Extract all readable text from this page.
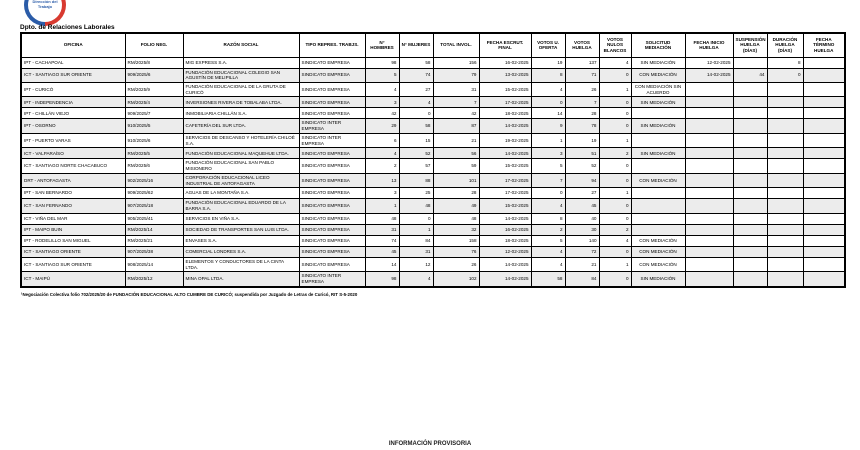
Dirección del Trabajo
Dpto. de Relaciones Laborales
OFICINA	FOLIO NEG.	RAZÓN SOCIAL	TIPO REPRES. TRABJS.	N° HOMBRES	N° MUJERES	TOTAL INVOL.	FECHA ESCRUT. FINAL	VOTOS U. OFERTA	VOTOS HUELGA	VOTOS NULOS BLANCOS	SOLICITUD MEDIACIÓN	FECHA INICIO HUELGA	SUSPENSIÓN HUELGA (DÍAS)	DURACIÓN HUELGA (DÍAS)	FECHA TÉRMINO HUELGA
IPT - CACHAPOAL	RM/2025/8	MIG EXPRESS S.A.	SINDICATO EMPRESA	98	58	156	16-02-2025	19	137	4	SIN MEDIACIÓN	12-02-2025		8	
ICT - SANTIAGO SUR ORIENTE	909/2025/6	FUNDACIÓN EDUCACIONAL COLEGIO SAN AGUSTÍN DE MELIPILLA	SINDICATO EMPRESA	5	74	79	13-02-2025	8	71	0	CON MEDIACIÓN	14-02-2025	44	0	
IPT - CURICÓ	RM/2025/9	FUNDACIÓN EDUCACIONAL DE LA GRUTA DE CURICÓ	SINDICATO EMPRESA	4	27	31	15-02-2025	4	26	1	CON MEDIACIÓN SIN ACUERDO				
IPT - INDEPENDENCIA	RM/2025/4	INVERSIONES RIVERA DE TOBALABA LTDA.	SINDICATO EMPRESA	3	4	7	17-02-2025	0	7	0	SIN MEDIACIÓN				
IPT - CHILLÁN VIEJO	909/2025/7	INMOBILIARIA CHILLÁN S.A.	SINDICATO EMPRESA	42	0	42	18-02-2025	14	28	0					
IPT - OSORNO	910/2025/5	CAFETERÍA DEL SUR LTDA.	SINDICATO INTER EMPRESA	29	58	87	14-02-2025	9	78	0	SIN MEDIACIÓN				
IPT - PUERTO VARAS	910/2025/6	SERVICIOS DE DESCANSO Y HOTELERÍA CHILOÉ S.A.	SINDICATO INTER EMPRESA	6	15	21	19-02-2025	1	19	1					
ICT - VALPARAÍSO	RM/2025/5	FUNDACIÓN EDUCACIONAL MAQUEHUE LTDA.	SINDICATO EMPRESA	4	52	56	14-02-2025	3	51	2	SIN MEDIACIÓN				
ICT - SANTIAGO NORTE CHACABUCO	RM/2025/6	FUNDACIÓN EDUCACIONAL SAN PABLO MISIONERO	SINDICATO EMPRESA	2	57	59	15-02-2025	5	52	0					
DRT - ANTOFAGASTA	902/2025/16	CORPORACIÓN EDUCACIONAL LICEO INDUSTRIAL DE ANTOFAGASTA	SINDICATO EMPRESA	13	88	101	17-02-2025	7	94	0	CON MEDIACIÓN				
IPT - SAN BERNARDO	909/2025/62	AGUAS DE LA MONTAÑA S.A.	SINDICATO EMPRESA	3	25	28	17-02-2025	0	27	1					
ICT - SAN FERNANDO	907/2025/18	FUNDACIÓN EDUCACIONAL EDUARDO DE LA BARRA S.A.	SINDICATO EMPRESA	1	48	49	15-02-2025	4	45	0					
ICT - VIÑA DEL MAR	905/2025/41	SERVICIOS EN VIÑA S.A.	SINDICATO EMPRESA	48	0	48	14-02-2025	8	40	0					
IPT - MAIPO BUIN	RM/2025/14	SOCIEDAD DE TRANSPORTES SAN LUIS LTDA.	SINDICATO EMPRESA	31	1	32	16-02-2025	2	30	2					
IPT - RODELILLO SAN MIGUEL	RM/2025/21	ENVASES S.A.	SINDICATO EMPRESA	74	84	158	18-02-2025	5	140	4	CON MEDIACIÓN				
ICT - SANTIAGO ORIENTE	907/2025/38	COMERCIAL LONDRES S.A.	SINDICATO EMPRESA	45	31	76	12-02-2025	4	72	0	CON MEDIACIÓN				
ICT - SANTIAGO SUR ORIENTE	908/2025/14	ELEMENTOS Y CONDUCTORES DE LA CINTA LTDA.	SINDICATO EMPRESA	14	12	26	14-02-2025	4	21	1	CON MEDIACIÓN				
ICT - MAIPÚ	RM/2025/12	MINA OPAL LTDA.	SINDICATO INTER EMPRESA	98	4	102	14-02-2025	58	84	0	SIN MEDIACIÓN				
¹Negociación Colectiva folio 702/2025/20 de FUNDACIÓN EDUCACIONAL ALTO CUMBRE DE CURICÓ; suspendida por Juzgado de Letras de Curicó, RIT S-5-2020
INFORMACIÓN PROVISORIA
